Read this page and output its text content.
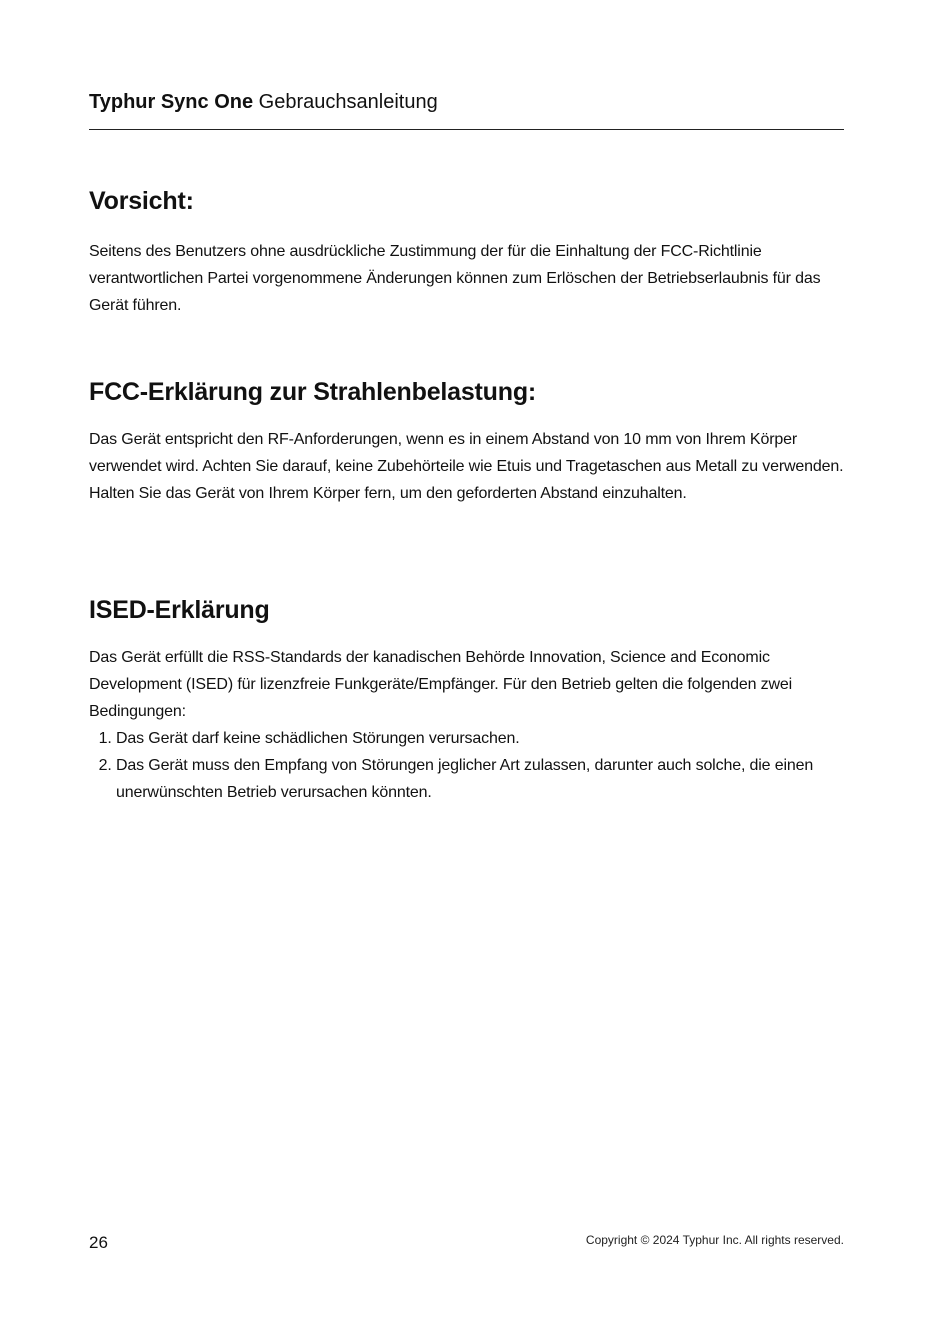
Typhur Sync One Gebrauchsanleitung
Vorsicht:

Seitens des Benutzers ohne ausdrückliche Zustimmung der für die Einhaltung der FCC-Richtlinie verantwortlichen Partei vorgenommene Änderungen können zum Erlöschen der Betriebserlaubnis für das Gerät führen.

FCC-Erklärung zur Strahlenbelastung:

Das Gerät entspricht den RF-Anforderungen, wenn es in einem Abstand von 10 mm von Ihrem Körper verwendet wird. Achten Sie darauf, keine Zubehörteile wie Etuis und Tragetaschen aus Metall zu verwenden. Halten Sie das Gerät von Ihrem Körper fern, um den geforderten Abstand einzuhalten.

ISED-Erklärung

Das Gerät erfüllt die RSS-Standards der kanadischen Behörde Innovation, Science and Economic Development (ISED) für lizenzfreie Funkgeräte/Empfänger. Für den Betrieb gelten die folgenden zwei Bedingungen:

1. Das Gerät darf keine schädlichen Störungen verursachen.
2. Das Gerät muss den Empfang von Störungen jeglicher Art zulassen, darunter auch solche, die einen unerwünschten Betrieb verursachen könnten.
26	Copyright © 2024 Typhur Inc. All rights reserved.
